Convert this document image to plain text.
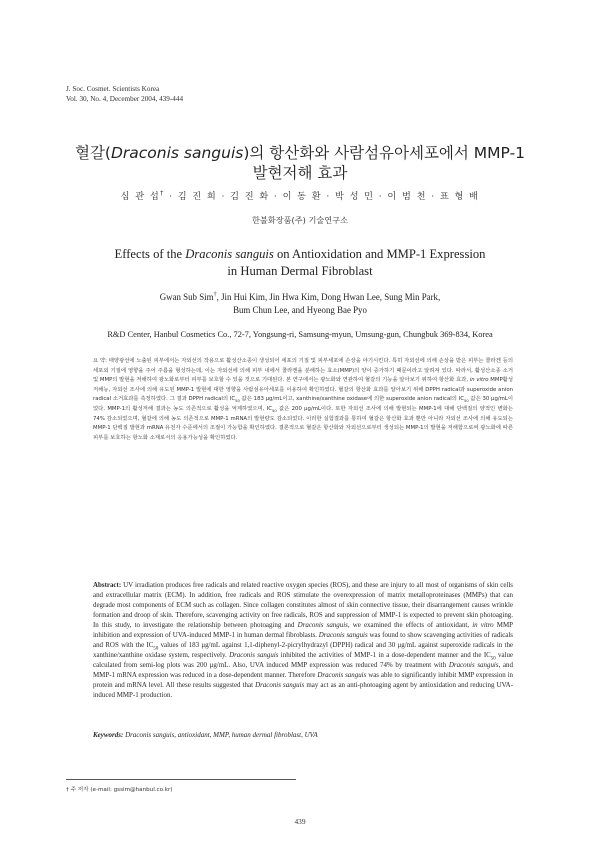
J. Soc. Cosmet. Scientists Korea
Vol. 30, No. 4, December 2004, 439-444
혈갈(Draconis sanguis)의 항산화와 사람섬유아세포에서 MMP-1
발현저해 효과
심 관 섭† · 김 진 희 · 김 진 화 · 이 동 환 · 박 성 민 · 이 범 천 · 표 형 배
한불화장품(주) 기술연구소
Effects of the Draconis sanguis on Antioxidation and MMP-1 Expression
in Human Dermal Fibroblast
Gwan Sub Sim†, Jin Hui Kim, Jin Hwa Kim, Dong Hwan Lee, Sung Min Park,
Bum Chun Lee, and Hyeong Bae Pyo
R&D Center, Hanbul Cosmetics Co., 72-7, Yongsung-ri, Samsung-myun, Umsung-gun, Chungbuk 369-834, Korea
요 약: 태양광선에 노출된 피부에서는 자외선의 작용으로 활성산소종이 생성되어 세포의 기질 및 피부세포에 손상을 야기시킨다. 특히 자외선에 의해 손상을 받은 피부는 콜라겐 등의 세포외 기질에 영향을 주어 주름을 형성하는데, 이는 자외선에 의해 피부 내에서 콜라겐을 분해하는 효소(MMP)의 양이 증가하기 때문이라고 알려져 있다. 따라서, 활성산소종 소거 및 MMP의 발현을 저해하여 광노화로부터 피부를 보호할 수 있을 것으로 기대된다. 본 연구에서는 광노화와 연관하여 혈갈의 기능을 알아보기 위하여 항산화 효과, in vitro MMP활성 저해능, 자외선 조사에 의해 유도된 MMP-1 발현에 대한 영향을 사람섬유아세포를 이용하여 확인하였다. 혈갈의 항산화 효과를 알아보기 위해 DPPH radical과 superoxide anion radical 소거효과를 측정하였다. 그 결과 DPPH radical의 $IC_{50}$ 값은 183 μg/mL이고, xanthine/xanthine oxidase에 의한 superoxide anion radical의 $IC_{50}$ 값은 30 μg/mL이었다. MMP-1의 활성저해 결과는 농도 의존적으로 활성을 억제하였으며, $IC_{50}$ 값은 200 μg/mL이다. 또한 자외선 조사에 의해 발현되는 MMP-1에 대해 단백질의 양적인 변화는 74% 감소되었으며, 혈갈에 의해 농도 의존적으로 MMP-1 mRNA의 발현량도 감소되었다. 이러한 실험결과를 통하여 혈갈은 항산화 효과 뿐만 아니라 자외선 조사에 의해 유도되는 MMP-1 단백질 발현과 mRNA 유전자 수준에서의 조절이 가능함을 확인하였다. 결론적으로 혈갈은 항산화와 자외선으로부터 생성되는 MMP-1의 발현을 저해함으로써 광노화에 따른 피부를 보호하는 항노화 소재로서의 응용가능성을 확인하였다.
Abstract: UV irradiation produces free radicals and related reactive oxygen species (ROS), and these are injury to all most of organisms of skin cells and extracellular matrix (ECM). In addition, free radicals and ROS stimulate the overexpression of matrix metalloproteinases (MMPs) that can degrade most components of ECM such as collagen. Since collagen constitutes almost of skin connective tissue, their disarrangement causes wrinkle formation and droop of skin. Therefore, scavenging activity on free radicals, ROS and suppression of MMP-1 is expected to prevent skin photoaging. In this study, to investigate the relationship between photoaging and Draconis sanguis, we examined the effects of antioxidant, in vitro MMP inhibition and expression of UVA-induced MMP-1 in human dermal fibroblasts. Draconis sanguis was found to show scavenging activities of radicals and ROS with the $IC_{50}$ values of 183 μg/mL against 1,1-diphenyl-2-picrylhydrazyl (DPPH) radical and 30 μg/mL against superoxide radicals in the xanthine/xanthine oxidase system, respectively. Draconis sanguis inhibited the activities of MMP-1 in a dose-dependent manner and the $IC_{50}$ value calculated from semi-log plots was 200 μg/mL. Also, UVA induced MMP expression was reduced 74% by treatment with Draconis sanguis, and MMP-1 mRNA expression was reduced in a dose-dependent manner. Therefore Draconis sanguis was able to significantly inhibit MMP expression in protein and mRNA level. All these results suggested that Draconis sanguis may act as an anti-photoaging agent by antioxidation and reducing UVA-induced MMP-1 production.
Keywords: Draconis sanguis, antioxidant, MMP, human dermal fibroblast, UVA
† 주 저자 (e-mail: gssim@hanbul.co.kr)
439
